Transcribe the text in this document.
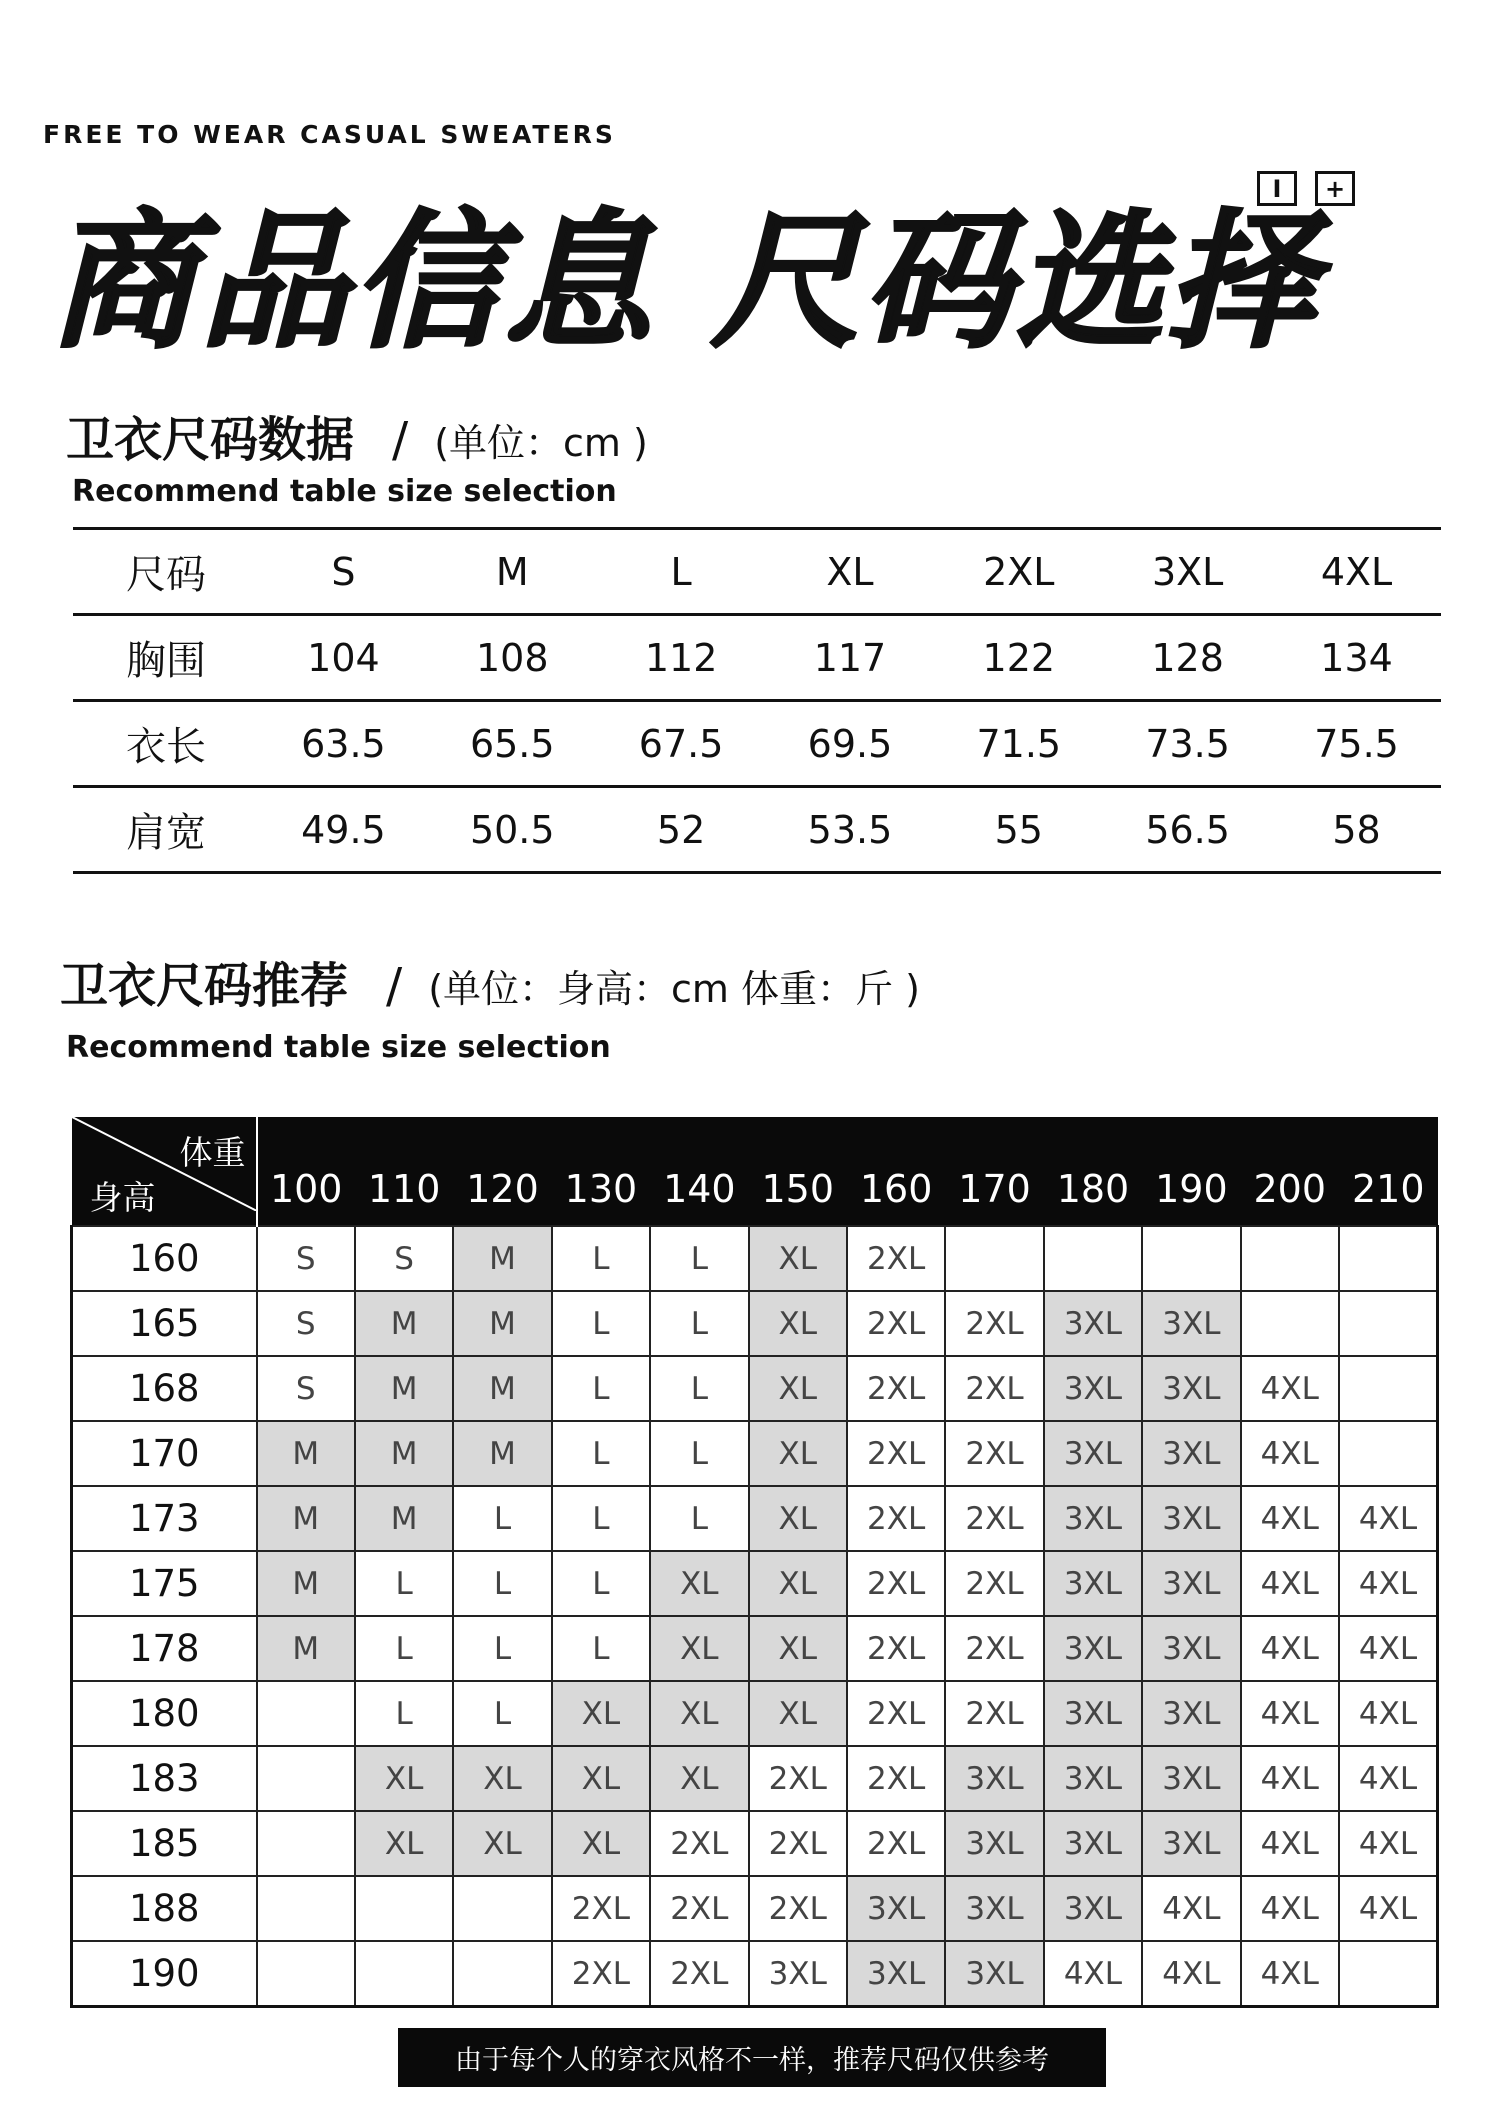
FREE TO WEAR CASUAL SWEATERS
I	+
商品信息 尺码选择
卫衣尺码数据 / (单位：cm )
Recommend table size selection
尺码	S	M	L	XL	2XL	3XL	4XL
胸围	104	108	112	117	122	128	134
衣长	63.5	65.5	67.5	69.5	71.5	73.5	75.5
肩宽	49.5	50.5	52	53.5	55	56.5	58
卫衣尺码推荐 / (单位：身高：cm 体重：斤 )
Recommend table size selection
体重
身高	100	110	120	130	140	150	160	170	180	190	200	210
160	S	S	M	L	L	XL	2XL					
165	S	M	M	L	L	XL	2XL	2XL	3XL	3XL		
168	S	M	M	L	L	XL	2XL	2XL	3XL	3XL	4XL	
170	M	M	M	L	L	XL	2XL	2XL	3XL	3XL	4XL	
173	M	M	L	L	L	XL	2XL	2XL	3XL	3XL	4XL	4XL
175	M	L	L	L	XL	XL	2XL	2XL	3XL	3XL	4XL	4XL
178	M	L	L	L	XL	XL	2XL	2XL	3XL	3XL	4XL	4XL
180		L	L	XL	XL	XL	2XL	2XL	3XL	3XL	4XL	4XL
183		XL	XL	XL	XL	2XL	2XL	3XL	3XL	3XL	4XL	4XL
185		XL	XL	XL	2XL	2XL	2XL	3XL	3XL	3XL	4XL	4XL
188				2XL	2XL	2XL	3XL	3XL	3XL	4XL	4XL	4XL
190				2XL	2XL	3XL	3XL	3XL	4XL	4XL	4XL	
由于每个人的穿衣风格不一样，推荐尺码仅供参考
